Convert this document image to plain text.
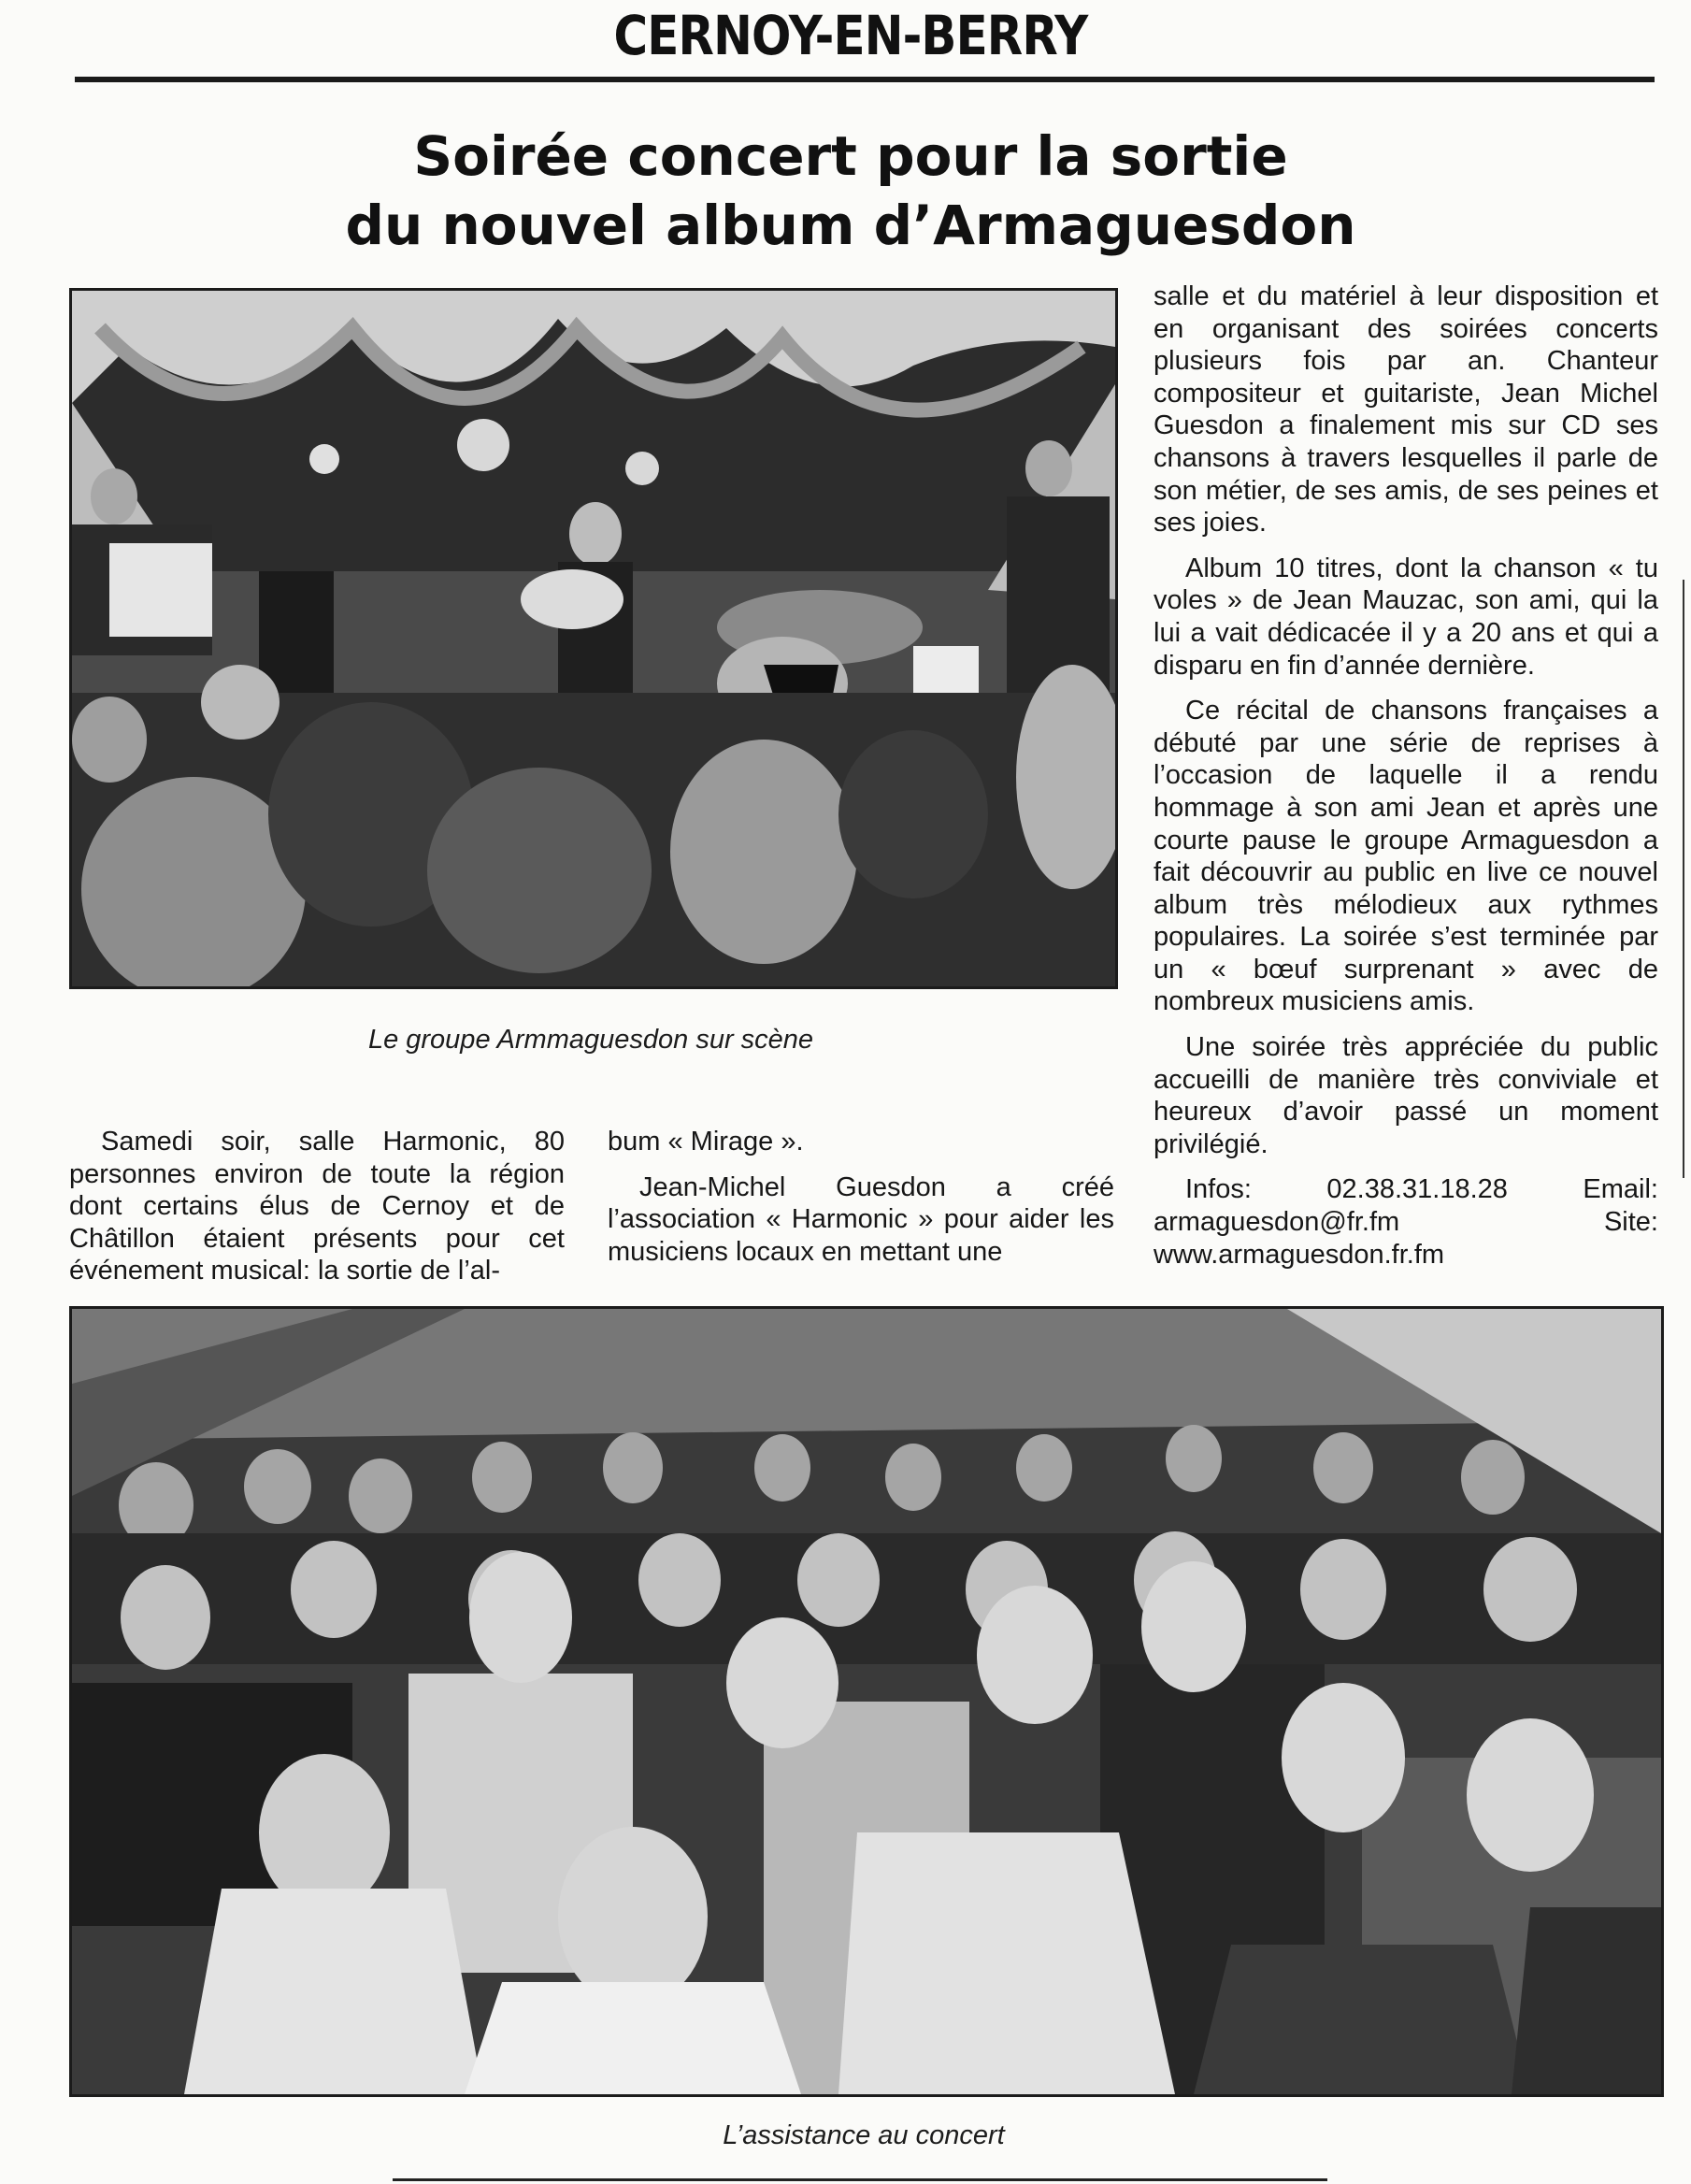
CERNOY-EN-BERRY
Soirée concert pour la sortie
du nouvel album d’Armaguesdon
Le groupe Armmaguesdon sur scène

salle et du matériel à leur disposition et en organisant des soirées concerts plusieurs fois par an. Chanteur compositeur et guitariste, Jean Michel Guesdon a finalement mis sur CD ses chansons à travers lesquelles il parle de son métier, de ses amis, de ses peines et ses joies.

Album 10 titres, dont la chanson « tu voles » de Jean Mauzac, son ami, qui la lui a vait dédicacée il y a 20 ans et qui a disparu en fin d’année dernière.

Ce récital de chansons françaises a débuté par une série de reprises à l’occasion de laquelle il a rendu hommage à son ami Jean et après une courte pause le groupe Armaguesdon a fait découvrir au public en live ce nouvel album très mélodieux aux rythmes populaires. La soirée s’est terminée par un « bœuf surprenant » avec de nombreux musiciens amis.

Une soirée très appréciée du public accueilli de manière très conviviale et heureux d’avoir passé un moment privilégié.

Infos: 02.38.31.18.28 Email: armaguesdon@fr.fm Site: www.armaguesdon.fr.fm

Samedi soir, salle Harmonic, 80 personnes environ de toute la région dont certains élus de Cernoy et de Châtillon étaient présents pour cet événement musical: la sortie de l’al-

bum « Mirage ».

Jean-Michel Guesdon a créé l’association « Harmonic » pour aider les musiciens locaux en mettant une

L’assistance au concert
